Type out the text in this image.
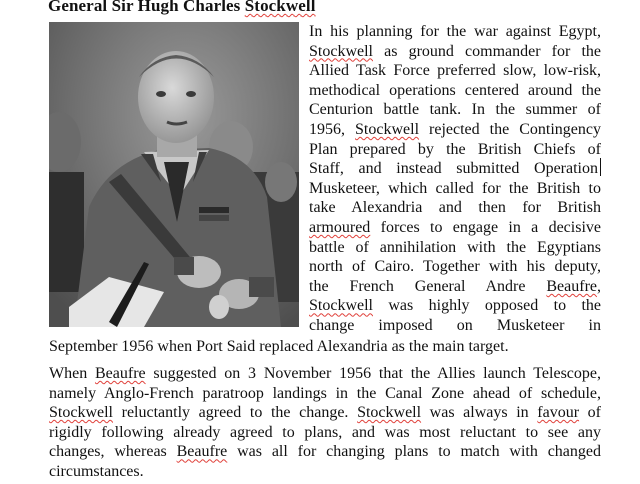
General Sir Hugh Charles Stockwell
In his planning for the war against Egypt,
Stockwell as ground commander for the
Allied Task Force preferred slow, low-risk,
methodical operations centered around the
Centurion battle tank. In the summer of
1956, Stockwell rejected the Contingency
Plan prepared by the British Chiefs of
Staff, and instead submitted Operation
Musketeer, which called for the British to
take Alexandria and then for British
armoured forces to engage in a decisive
battle of annihilation with the Egyptians
north of Cairo. Together with his deputy,
the French General Andre Beaufre,
Stockwell was highly opposed to the
change imposed on Musketeer in
September 1956 when Port Said replaced Alexandria as the main target.
When Beaufre suggested on 3 November 1956 that the Allies launch Telescope,
namely Anglo-French paratroop landings in the Canal Zone ahead of schedule,
Stockwell reluctantly agreed to the change. Stockwell was always in favour of
rigidly following already agreed to plans, and was most reluctant to see any
changes, whereas Beaufre was all for changing plans to match with changed
circumstances.
